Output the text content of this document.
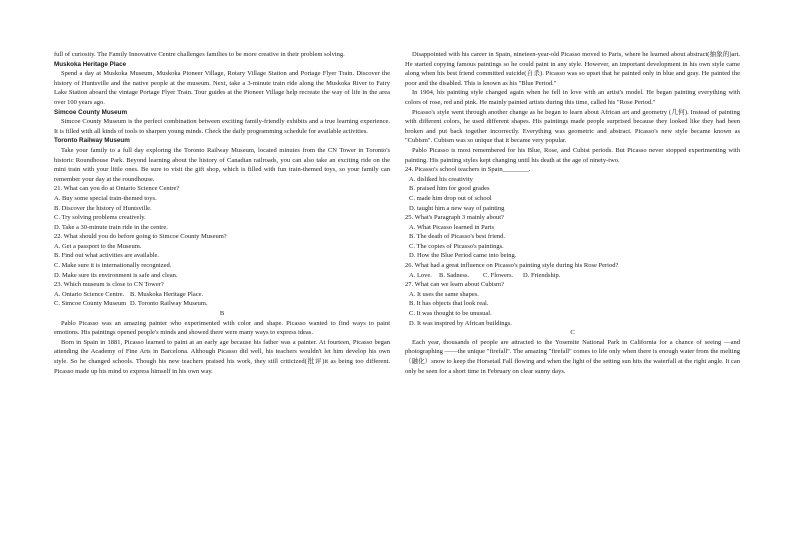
full of curiosity. The Family Innovative Centre challenges families to be more creative in their problem solving.

Muskoka Heritage Place

Spend a day at Muskoka Museum, Muskoka Pioneer Village, Rotary Village Station and Portage Flyer Train. Discover the history of Huntsville and the native people at the museum. Next, take a 3-minute train ride along the Muskoka River to Fairy Lake Station aboard the vintage Portage Flyer Train. Tour guides at the Pioneer Village help recreate the way of life in the area over 100 years ago.

Simcoe County Museum

Simcoe County Museum is the perfect combination between exciting family-friendly exhibits and a true learning experience. It is filled with all kinds of tools to sharpen young minds. Check the daily programming schedule for available activities.

Toronto Railway Museum

Take your family to a full day exploring the Toronto Railway Museum, located minutes from the CN Tower in Toronto's historic Roundhouse Park. Beyond learning about the history of Canadian railroads, you can also take an exciting ride on the mini train with your little ones. Be sure to visit the gift shop, which is filled with fun train-themed toys, so your family can remember your day at the roundhouse.

21. What can you do at Ontario Science Centre?

A. Buy some special train-themed toys.

B. Discover the history of Huntsville.

C. Try solving problems creatively.

D. Take a 30-minute train ride in the centre.

22. What should you do before going to Simcoe County Museum?

A. Get a passport to the Museum.

B. Find out what activities are available.

C. Make sure it is internationally recognized.

D. Make sure its environment is safe and clean.

23. Which museum is close to CN Tower?

A. Ontario Science Centre. B. Muskoka Heritage Place.

C. Simcoe County Museum D. Toronto Railway Museum.

B

Pablo Picasso was an amazing painter who experimented with color and shape. Picasso wanted to find ways to paint emotions. His paintings opened people's minds and showed there were many ways to express ideas.

Born in Spain in 1881, Picasso learned to paint at an early age because his father was a painter. At fourteen, Picasso began attending the Academy of Fine Arts in Barcelona. Although Picasso did well, his teachers wouldn't let him develop his own style. So he changed schools. Though his new teachers praised his work, they still criticized(批评)it as being too different. Picasso made up his mind to express himself in his own way.

Disappointed with his career in Spain, nineteen-year-old Picasso moved to Paris, where he learned about abstract(抽象的)art. He started copying famous paintings so he could paint in any style. However, an important development in his own style came along when his best friend committed suicide(自杀). Picasso was so upset that he painted only in blue and gray. He painted the poor and the disabled. This is known as his "Blue Period."

In 1904, his painting style changed again when he fell in love with an artist's model. He began painting everything with colors of rose, red and pink. He mainly painted artists during this time, called his "Rose Period."

Picasso's style went through another change as he began to learn about African art and geometry (几何). Instead of painting with different colors, he used different shapes. His paintings made people surprised because they looked like they had been broken and put back together incorrectly. Everything was geometric and abstract. Picasso's new style became known as "Cubism". Cubism was so unique that it became very popular.

Pablo Picasso is most remembered for his Blue, Rose, and Cubist periods. But Picasso never stopped experimenting with painting. His painting styles kept changing until his death at the age of ninety-two.

24. Picasso's school teachers in Spain________.

A. disliked his creativity

B. praised him for good grades

C. made him drop out of school

D. taught him a new way of painting

25. What's Paragraph 3 mainly about?

A. What Picasso learned in Paris

B. The death of Picasso's best friend.

C. The copies of Picasso's paintings.

D. How the Blue Period came into being.

26. What had a great influence on Picasso's painting style during his Rose Period?

A. Love. B. Sadness. C. Flowers. D. Friendship.

27. What can we learn about Cubism?

A. It uses the same shapes.

B. It has objects that look real.

C. It was thought to be unusual.

D. It was inspired by African buildings.

C

Each year, thousands of people are attracted to the Yosemite National Park in California for a chance of seeing —and photographing ——the unique "firefall". The amazing "firefall" comes to life only when there is enough water from the melting（融化）snow to keep the Horsetail Fall flowing and when the light of the setting sun hits the waterfall at the right angle. It can only be seen for a short time in February on clear sunny days.
